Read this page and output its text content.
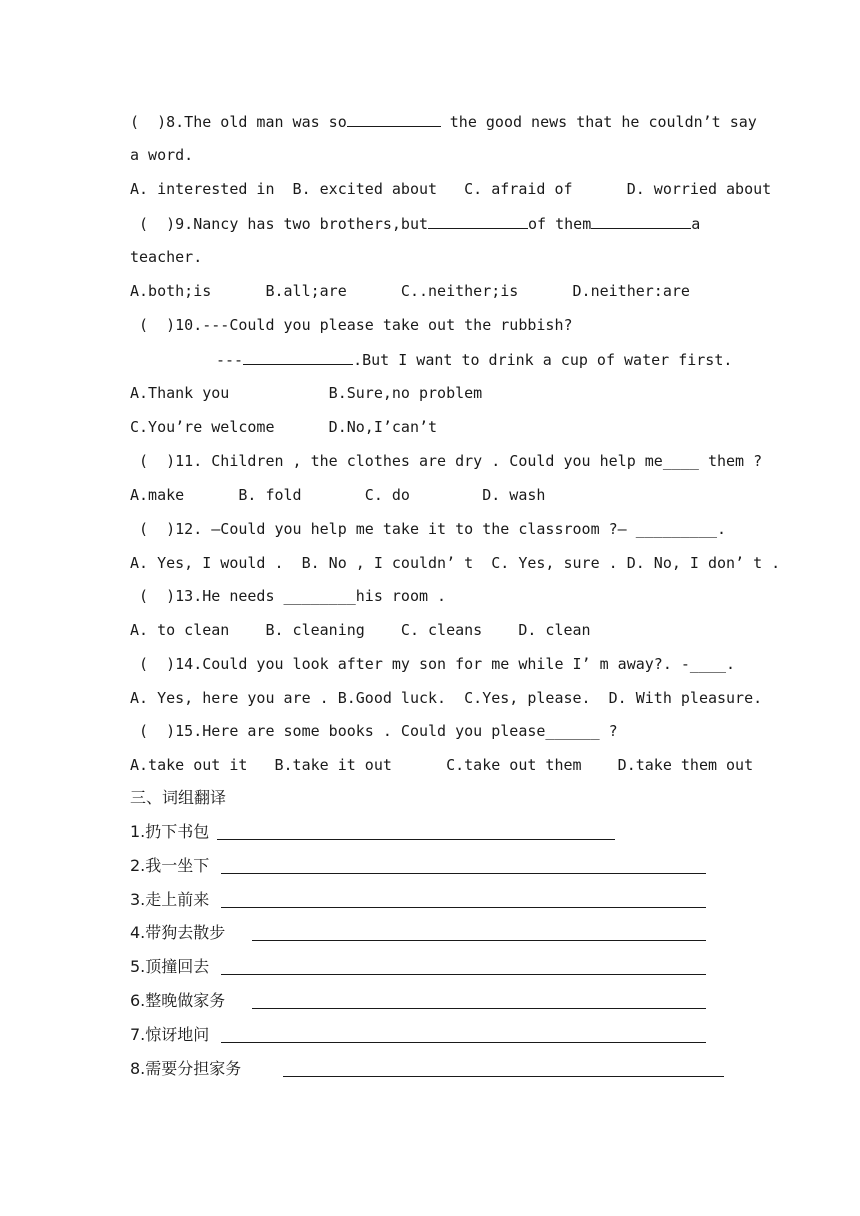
(  )8.The old man was so	the good news that he couldn’t say
a word.
A. interested in  B. excited about   C. afraid of      D. worried about
(  )9.Nancy has two brothers,but	of them	a
teacher.
A.both;is      B.all;are      C..neither;is      D.neither:are
(  )10.---Could you please take out the rubbish?
---	.But I want to drink a cup of water first.
A.Thank you           B.Sure,no problem
C.You’re welcome      D.No,I’can’t
(  )11. Children , the clothes are dry . Could you help me____ them ?
A.make      B. fold       C. do        D. wash
(  )12. —Could you help me take it to the classroom ?— _________.
A. Yes, I would .  B. No , I couldn’ t  C. Yes, sure . D. No, I don’ t .
(  )13.He needs ________his room .
A. to clean    B. cleaning    C. cleans    D. clean
(  )14.Could you look after my son for me while I’ m away?. -____.
A. Yes, here you are . B.Good luck.  C.Yes, please.  D. With pleasure.
(  )15.Here are some books . Could you please______ ?
A.take out it   B.take it out      C.take out them    D.take them out
三、词组翻译
1.扔下书包
2.我一坐下
3.走上前来
4.带狗去散步
5.顶撞回去
6.整晚做家务
7.惊讶地问
8.需要分担家务
